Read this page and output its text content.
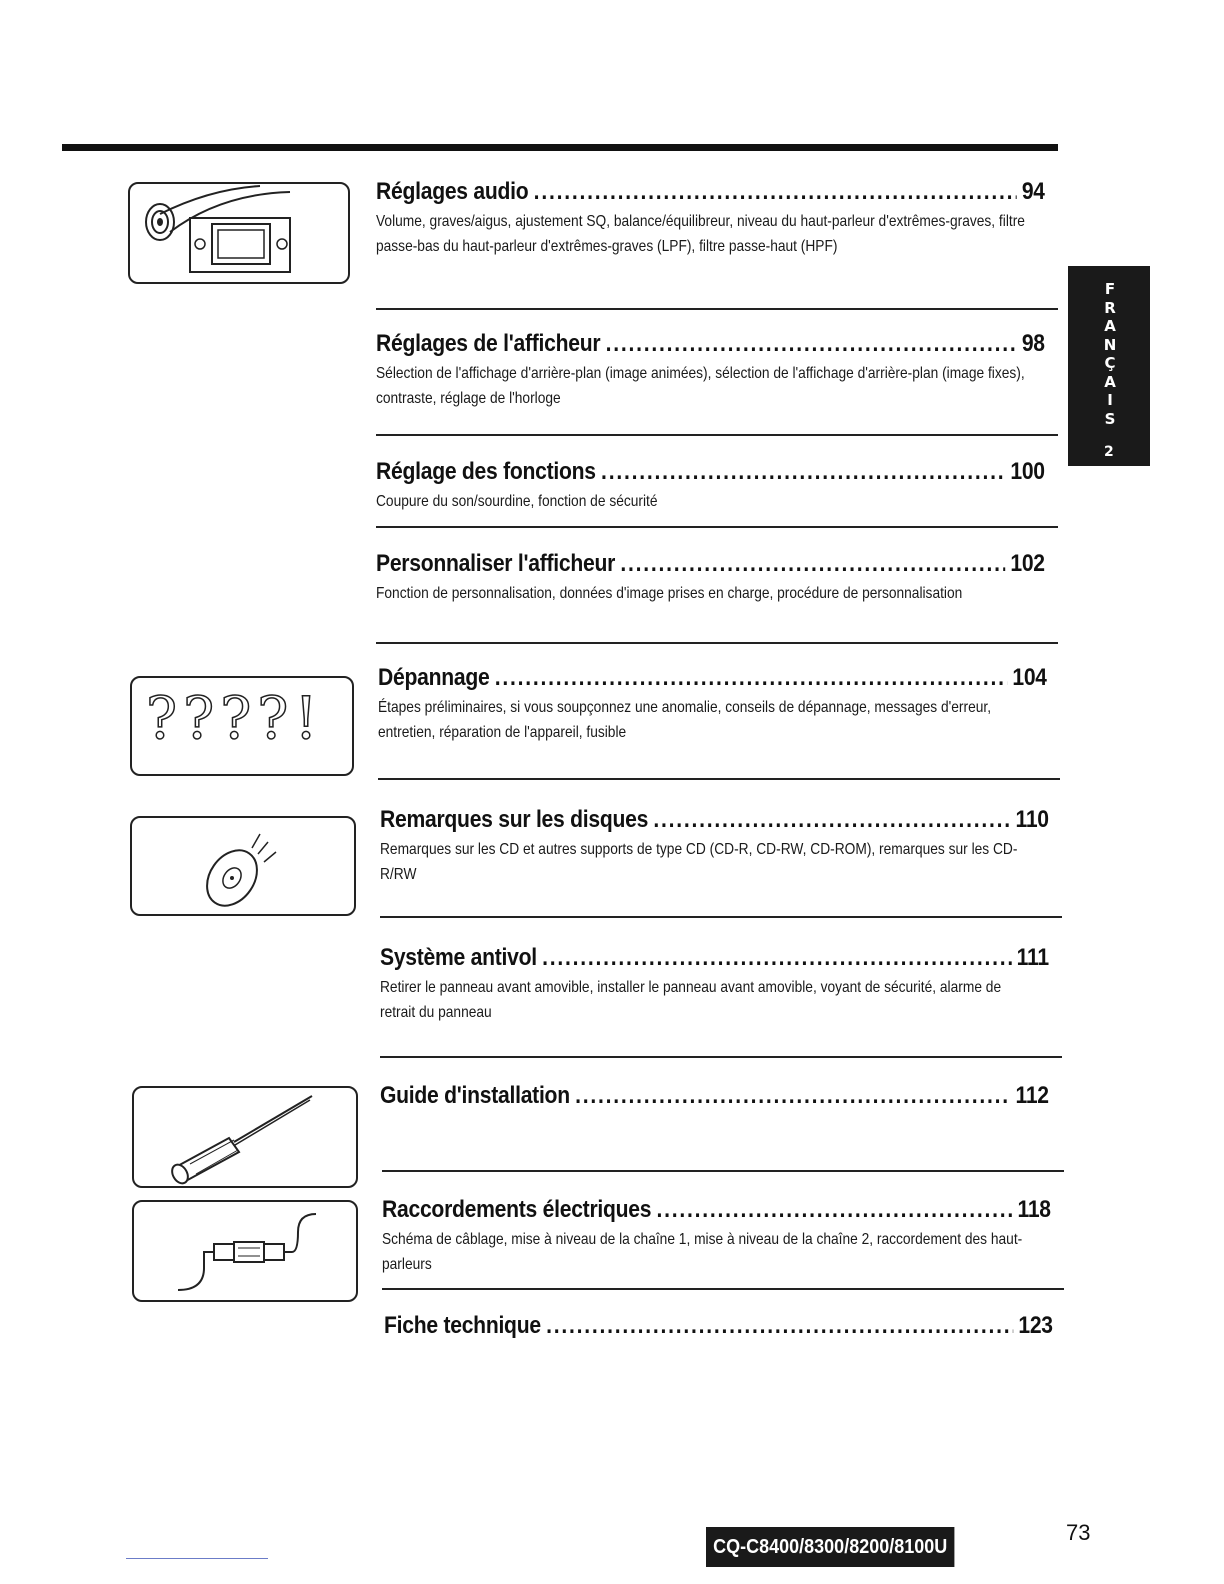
F
R
A
N
Ç
A
I
S
2
????!
Réglages audio .....	94
Volume, graves/aigus, ajustement SQ, balance/équilibreur, niveau du haut-parleur d'extrêmes-graves, filtre passe-bas du haut-parleur d'extrêmes-graves (LPF), filtre passe-haut (HPF)
Réglages de l'afficheur .....	98
Sélection de l'affichage d'arrière-plan (image animées), sélection de l'affichage d'arrière-plan (image fixes), contraste, réglage de l'horloge
Réglage des fonctions .....	100
Coupure du son/sourdine, fonction de sécurité
Personnaliser l'afficheur .....	102
Fonction de personnalisation, données d'image prises en charge, procédure de personnalisation
Dépannage .....	104
Étapes préliminaires, si vous soupçonnez une anomalie, conseils de dépannage, messages d'erreur, entretien, réparation de l'appareil, fusible
Remarques sur les disques .....	110
Remarques sur les CD et autres supports de type CD (CD-R, CD-RW, CD-ROM), remarques sur les CD-R/RW
Système antivol .....	111
Retirer le panneau avant amovible, installer le panneau avant amovible, voyant de sécurité, alarme de retrait du panneau
Guide d'installation .....	112
Raccordements électriques .....	118
Schéma de câblage, mise à niveau de la chaîne 1, mise à niveau de la chaîne 2, raccordement des haut-parleurs
Fiche technique .....	123
CQ-C8400/8300/8200/8100U
73
